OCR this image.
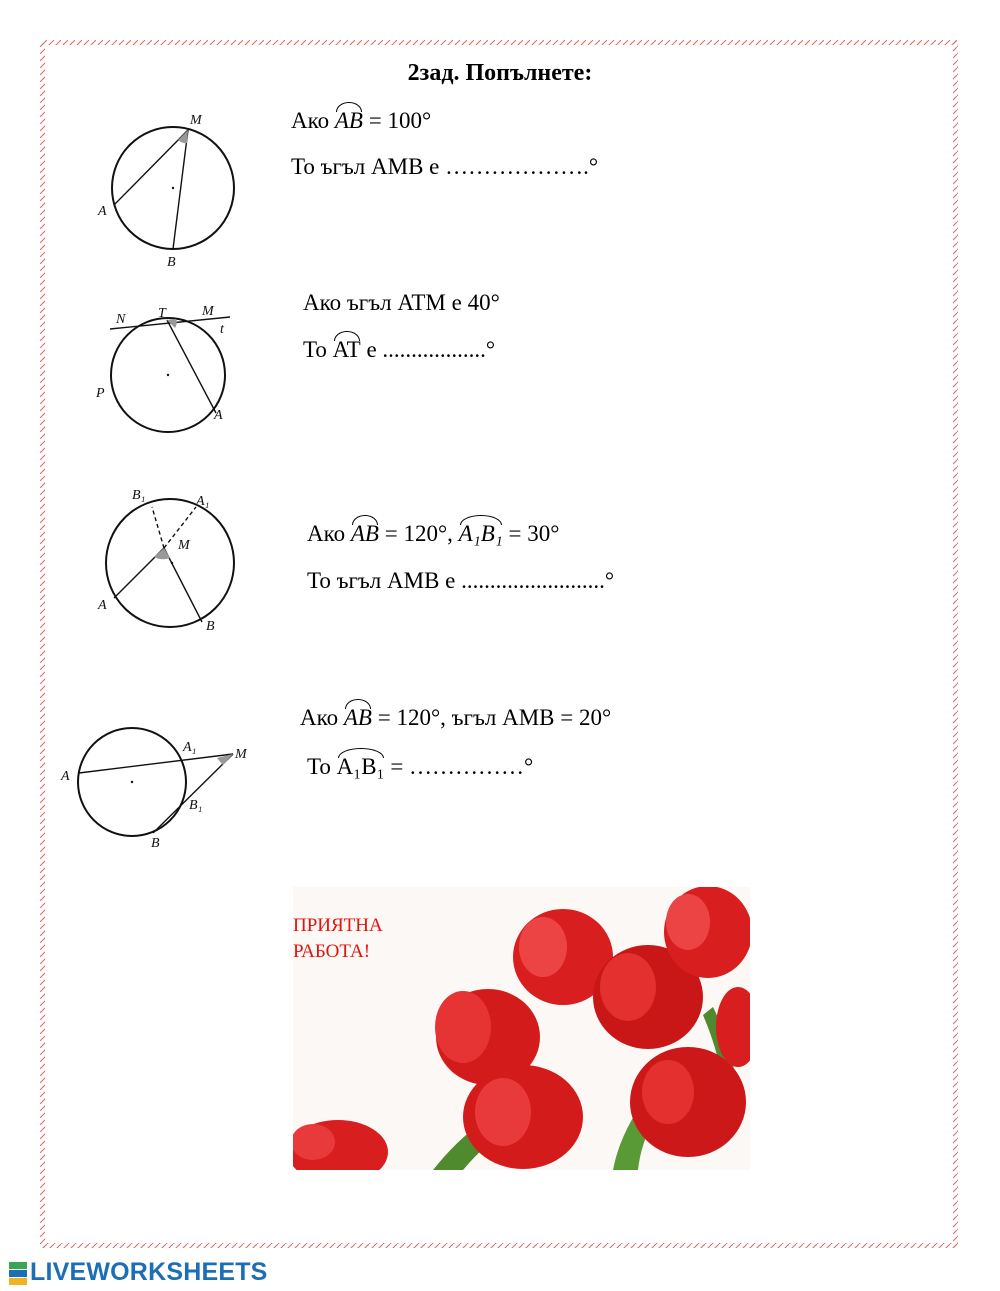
2зад. Попълнете:
M
A
B
Ако AB = 100°
То ъгъл AMB е ……………….°
N T	M
t
P
A
Ако ъгъл ATM е 40°
То AT е ..................°
B₁	A₁
M
A
B
Ако AB = 120°, A₁B₁ = 30°
То ъгъл AMB е .........................°
A
A₁	M
B₁
B
Ако AB = 120°, ъгъл AMB = 20°
То A₁B₁ = ……………°
ПРИЯТНА
РАБОТА!
LIVEWORKSHEETS
